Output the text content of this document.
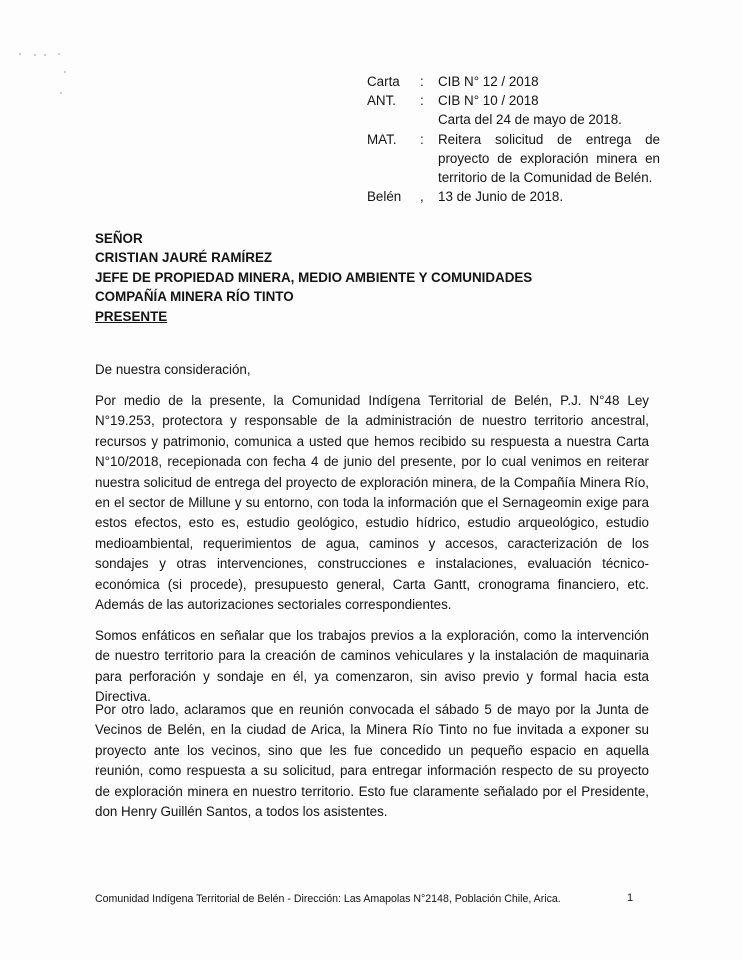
Carta	:	CIB N° 12 / 2018
ANT.	:	CIB N° 10 / 2018
Carta del 24 de mayo de 2018.
MAT.	:	Reitera solicitud de entrega de proyecto de exploración minera en territorio de la Comunidad de Belén.
Belén	,	13 de Junio de 2018.
SEÑOR
CRISTIAN JAURÉ RAMÍREZ
JEFE DE PROPIEDAD MINERA, MEDIO AMBIENTE Y COMUNIDADES
COMPAÑÍA MINERA RÍO TINTO
PRESENTE
De nuestra consideración,

Por medio de la presente, la Comunidad Indígena Territorial de Belén, P.J. N°48 Ley N°19.253, protectora y responsable de la administración de nuestro territorio ancestral, recursos y patrimonio, comunica a usted que hemos recibido su respuesta a nuestra Carta N°10/2018, recepionada con fecha 4 de junio del presente, por lo cual venimos en reiterar nuestra solicitud de entrega del proyecto de exploración minera, de la Compañía Minera Río, en el sector de Millune y su entorno, con toda la información que el Sernageomin exige para estos efectos, esto es, estudio geológico, estudio hídrico, estudio arqueológico, estudio medioambiental, requerimientos de agua, caminos y accesos, caracterización de los sondajes y otras intervenciones, construcciones e instalaciones, evaluación técnico-económica (si procede), presupuesto general, Carta Gantt, cronograma financiero, etc. Además de las autorizaciones sectoriales correspondientes.

Somos enfáticos en señalar que los trabajos previos a la exploración, como la intervención de nuestro territorio para la creación de caminos vehiculares y la instalación de maquinaria para perforación y sondaje en él, ya comenzaron, sin aviso previo y formal hacia esta Directiva.

Por otro lado, aclaramos que en reunión convocada el sábado 5 de mayo por la Junta de Vecinos de Belén, en la ciudad de Arica, la Minera Río Tinto no fue invitada a exponer su proyecto ante los vecinos, sino que les fue concedido un pequeño espacio en aquella reunión, como respuesta a su solicitud, para entregar información respecto de su proyecto de exploración minera en nuestro territorio. Esto fue claramente señalado por el Presidente, don Henry Guillén Santos, a todos los asistentes.

Comunidad Indígena Territorial de Belén - Dirección: Las Amapolas N°2148, Población Chile, Arica.	1
